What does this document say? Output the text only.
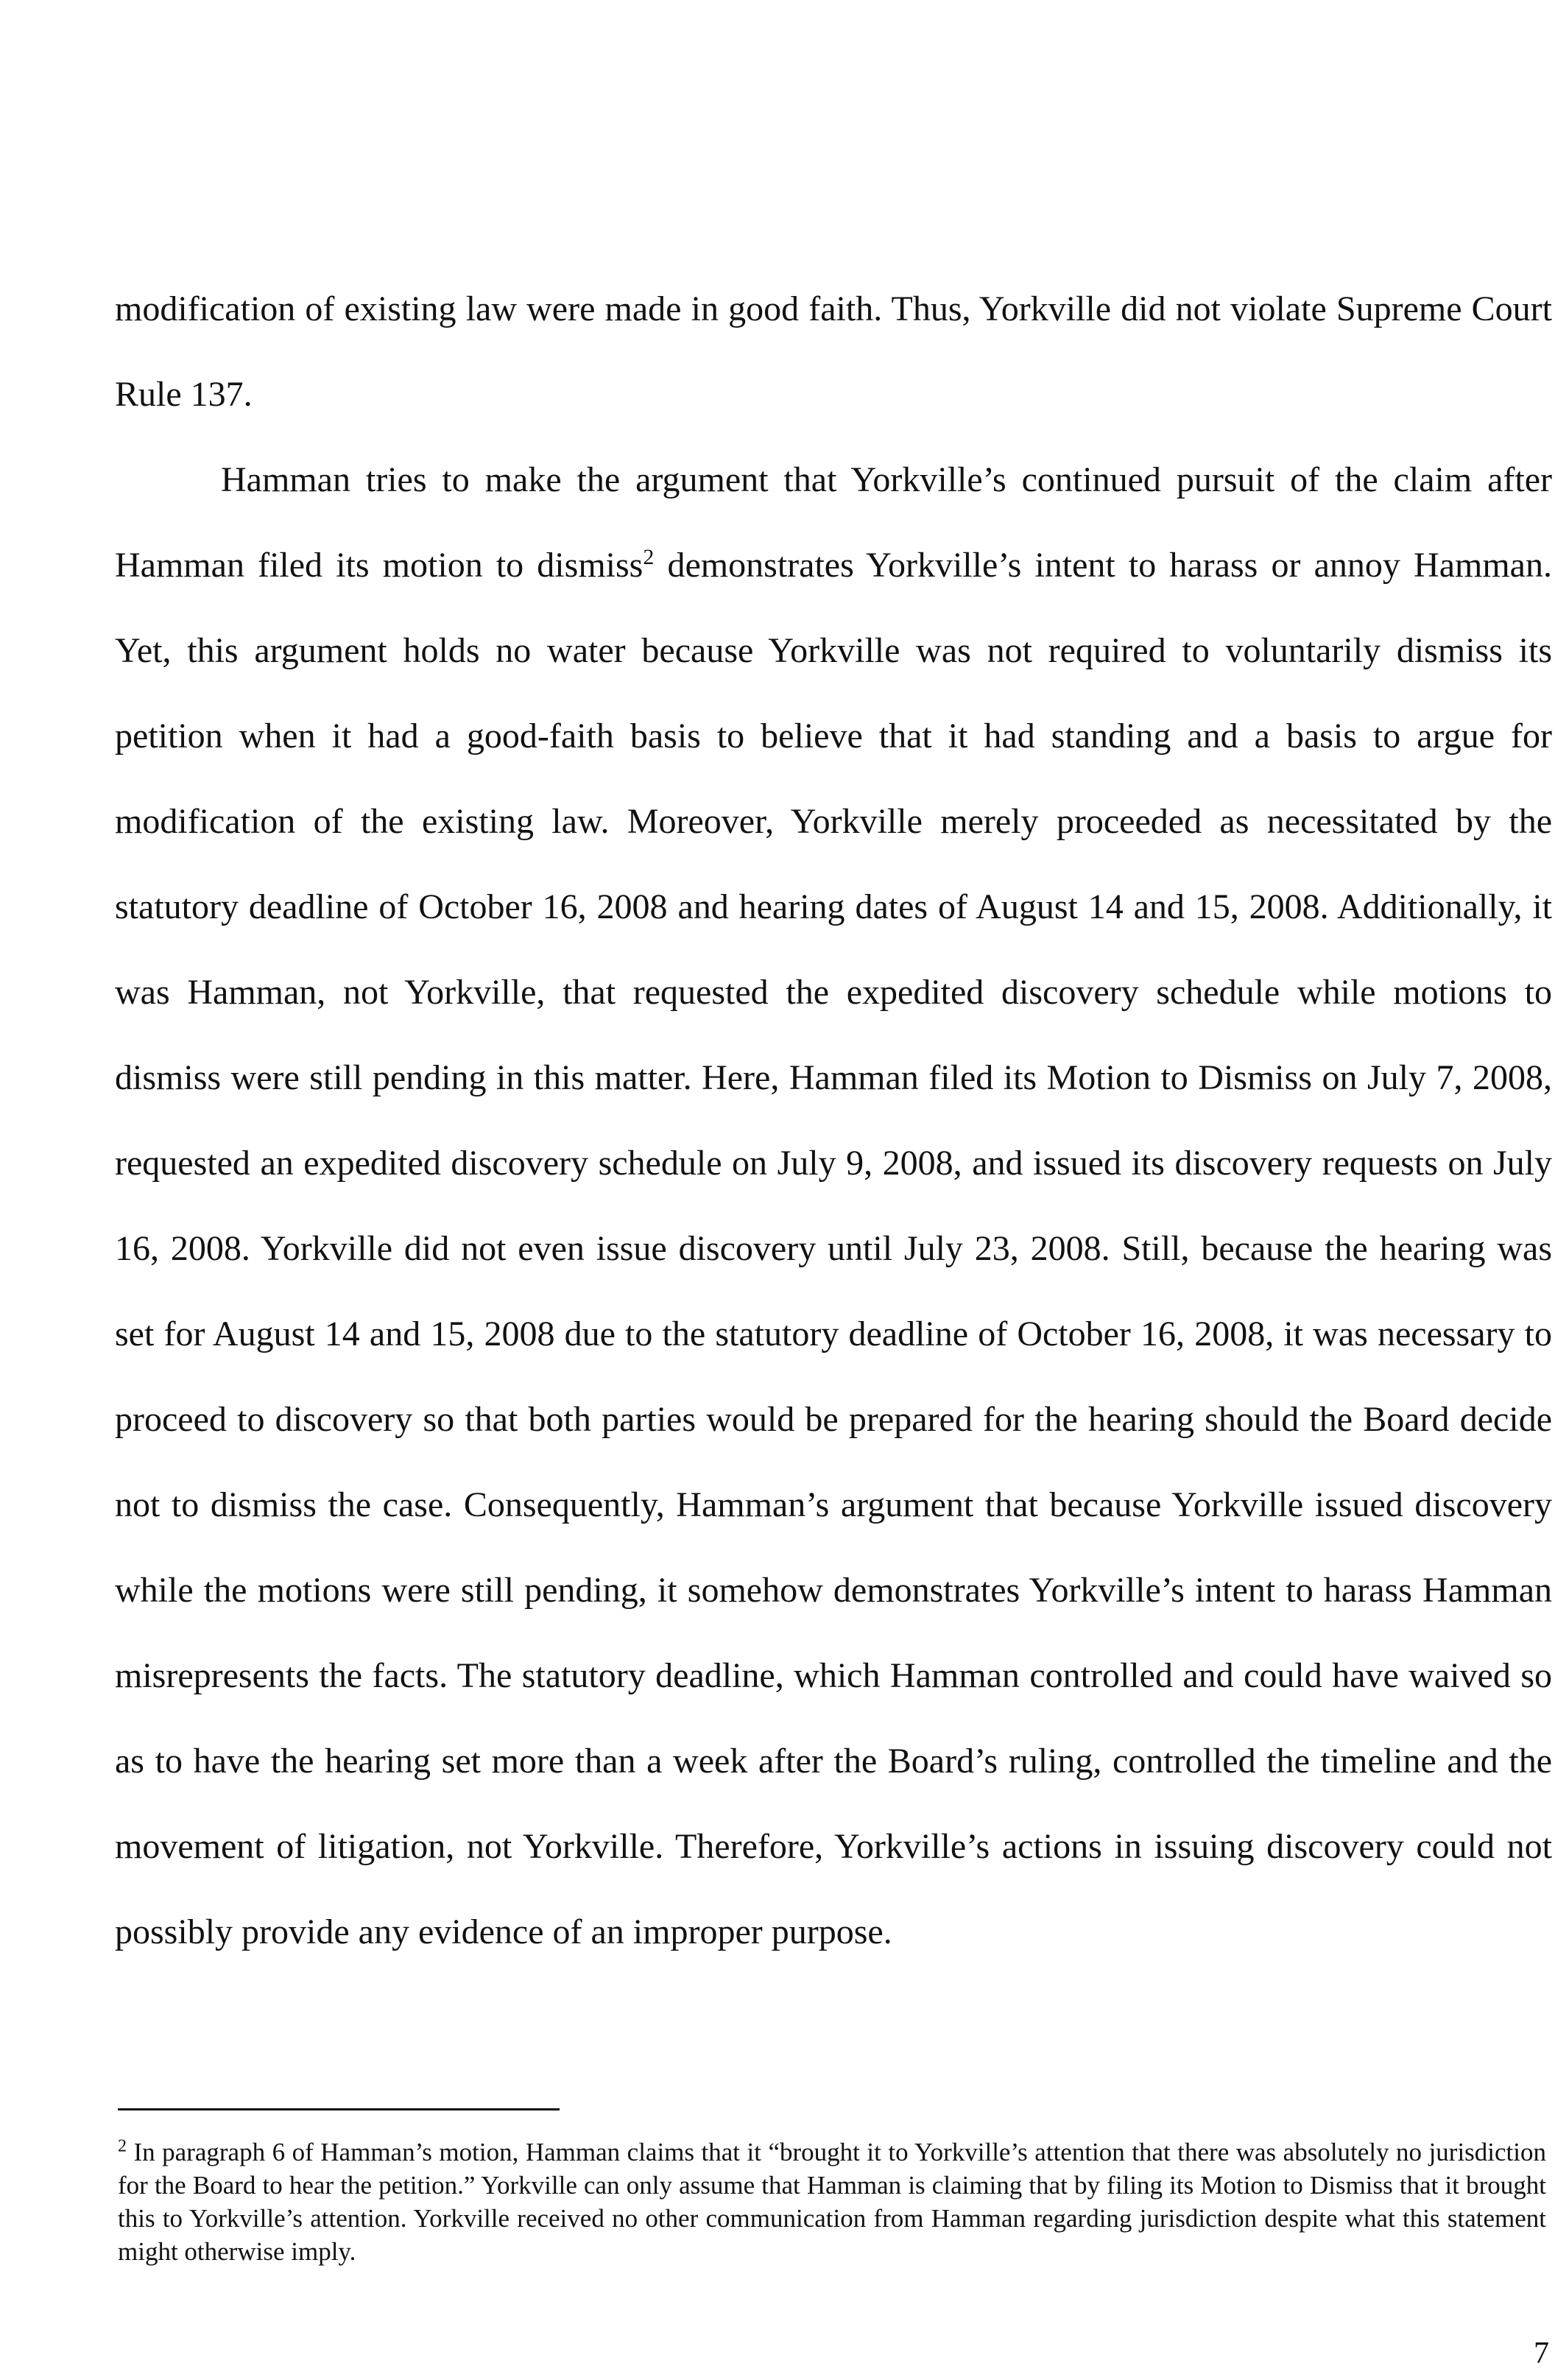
modification of existing law were made in good faith. Thus, Yorkville did not violate Supreme Court Rule 137.

Hamman tries to make the argument that Yorkville’s continued pursuit of the claim after Hamman filed its motion to dismiss$^2$ demonstrates Yorkville’s intent to harass or annoy Hamman. Yet, this argument holds no water because Yorkville was not required to voluntarily dismiss its petition when it had a good-faith basis to believe that it had standing and a basis to argue for modification of the existing law. Moreover, Yorkville merely proceeded as necessitated by the statutory deadline of October 16, 2008 and hearing dates of August 14 and 15, 2008. Additionally, it was Hamman, not Yorkville, that requested the expedited discovery schedule while motions to dismiss were still pending in this matter. Here, Hamman filed its Motion to Dismiss on July 7, 2008, requested an expedited discovery schedule on July 9, 2008, and issued its discovery requests on July 16, 2008. Yorkville did not even issue discovery until July 23, 2008. Still, because the hearing was set for August 14 and 15, 2008 due to the statutory deadline of October 16, 2008, it was necessary to proceed to discovery so that both parties would be prepared for the hearing should the Board decide not to dismiss the case. Consequently, Hamman’s argument that because Yorkville issued discovery while the motions were still pending, it somehow demonstrates Yorkville’s intent to harass Hamman misrepresents the facts. The statutory deadline, which Hamman controlled and could have waived so as to have the hearing set more than a week after the Board’s ruling, controlled the timeline and the movement of litigation, not Yorkville. Therefore, Yorkville’s actions in issuing discovery could not possibly provide any evidence of an improper purpose.

$^2$ In paragraph 6 of Hamman’s motion, Hamman claims that it “brought it to Yorkville’s attention that there was absolutely no jurisdiction for the Board to hear the petition.” Yorkville can only assume that Hamman is claiming that by filing its Motion to Dismiss that it brought this to Yorkville’s attention. Yorkville received no other communication from Hamman regarding jurisdiction despite what this statement might otherwise imply.
7
